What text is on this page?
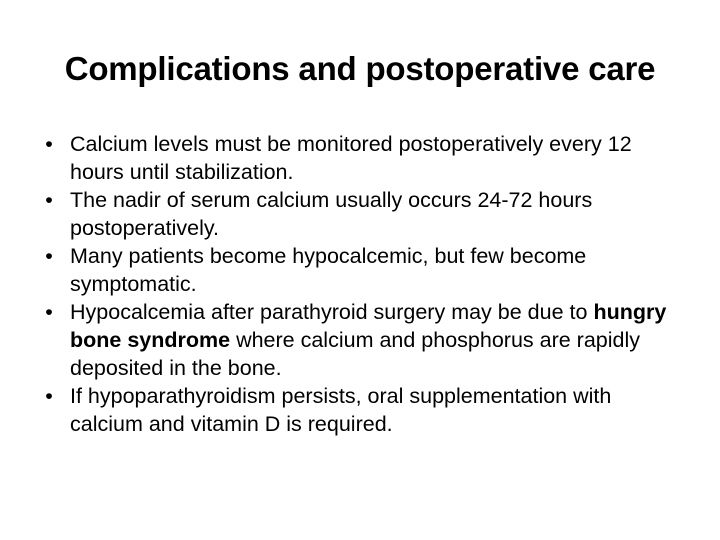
Complications and postoperative care
• Calcium levels must be monitored postoperatively every 12 hours until stabilization.
• The nadir of serum calcium usually occurs 24-72 hours postoperatively.
• Many patients become hypocalcemic, but few become symptomatic.
• Hypocalcemia after parathyroid surgery may be due to hungry bone syndrome where calcium and phosphorus are rapidly deposited in the bone.
• If hypoparathyroidism persists, oral supplementation with calcium and vitamin D is required.
